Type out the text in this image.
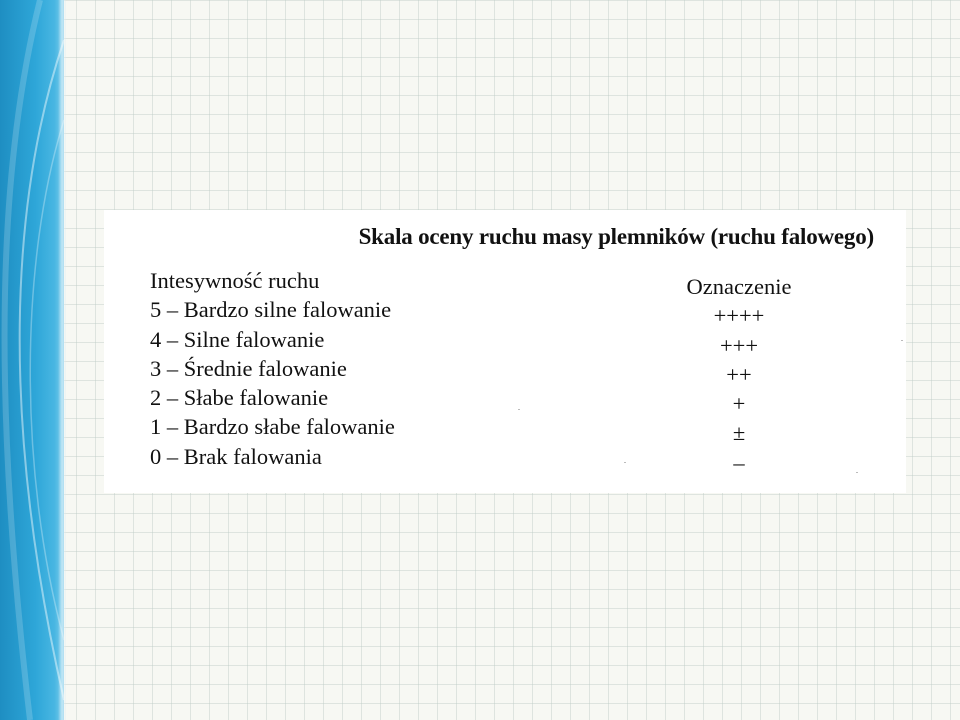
Skala oceny ruchu masy plemników (ruchu falowego)
Intesywność ruchu
5 – Bardzo silne falowanie
4 – Silne falowanie
3 – Średnie falowanie
2 – Słabe falowanie
1 – Bardzo słabe falowanie
0 – Brak falowania
Oznaczenie
++++
+++
++
+
±
–
